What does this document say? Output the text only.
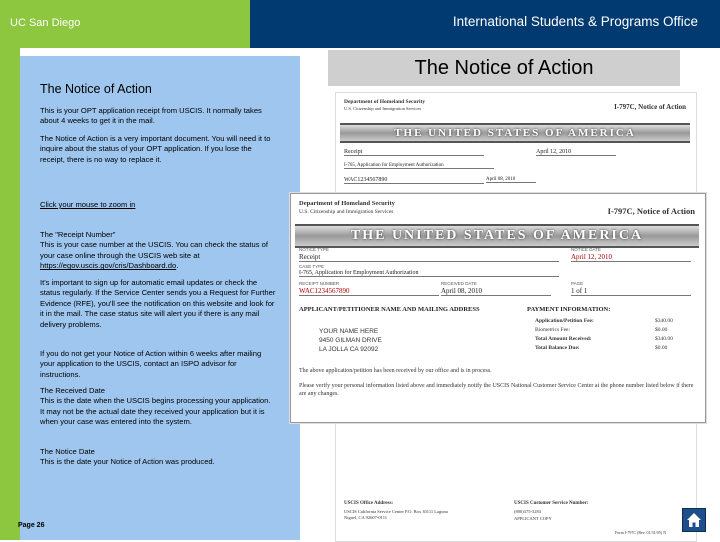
UC San Diego	International Students & Programs Office
The Notice of Action
This is your OPT application receipt from USCIS. It normally takes about 4 weeks to get it in the mail.
The Notice of Action is a very important document. You will need it to inquire about the status of your OPT application. If you lose the receipt, there is no way to replace it.
Click your mouse to zoom in
The "Receipt Number"
This is your case number at the USCIS. You can check the status of your case online through the USCIS web site at https://egov.uscis.gov/cris/Dashboard.do.
It's important to sign up for automatic email updates or check the status regularly. If the Service Center sends you a Request for Further Evidence (RFE), you'll see the notification on this website and look for it in the mail. The case status site will alert you if there is any mail delivery problems.
If you do not get your Notice of Action within 6 weeks after mailing your application to the USCIS, contact an ISPO advisor for instructions.
The Received Date
This is the date when the USCIS begins processing your application. It may not be the actual date they received your application but it is when your case was entered into the system.
The Notice Date
This is the date your Notice of Action was produced.
Page 26
The Notice of Action
Department of Homeland Security
U.S. Citizenship and Immigration Services	I-797C, Notice of Action
THE UNITED STATES OF AMERICA
Receipt	April 12, 2010
I-765, Application for Employment Authorization
WAC1234567890	April 08, 2010
USCIS Office Address:
USCIS California Service Center P.O. Box 30111 Laguna Niguel, CA 92607-0111
USCIS Customer Service Number:
(800)375-5283
APPLICANT COPY
Form I-797C (Rev. 01/31/05) N
Department of Homeland Security
U.S. Citizenship and Immigration Services	I-797C, Notice of Action
THE UNITED STATES OF AMERICA
NOTICE TYPE
Receipt
NOTICE DATE
April 12, 2010
CASE TYPE
I-765, Application for Employment Authorization
RECEIPT NUMBER
WAC1234567890
RECEIVED DATE
April 08, 2010
PAGE
1 of 1
APPLICANT/PETITIONER NAME AND MAILING ADDRESS	PAYMENT INFORMATION:
YOUR NAME HERE
9450 GILMAN DRIVE
LA JOLLA CA 92092
Application/Petition Fee:	$340.00
Biometrics Fee:	$0.00
Total Amount Received:	$340.00
Total Balance Due:	$0.00
The above application/petition has been received by our office and is in process.
Please verify your personal information listed above and immediately notify the USCIS National Customer Service Center at the phone number listed below if there are any changes.
